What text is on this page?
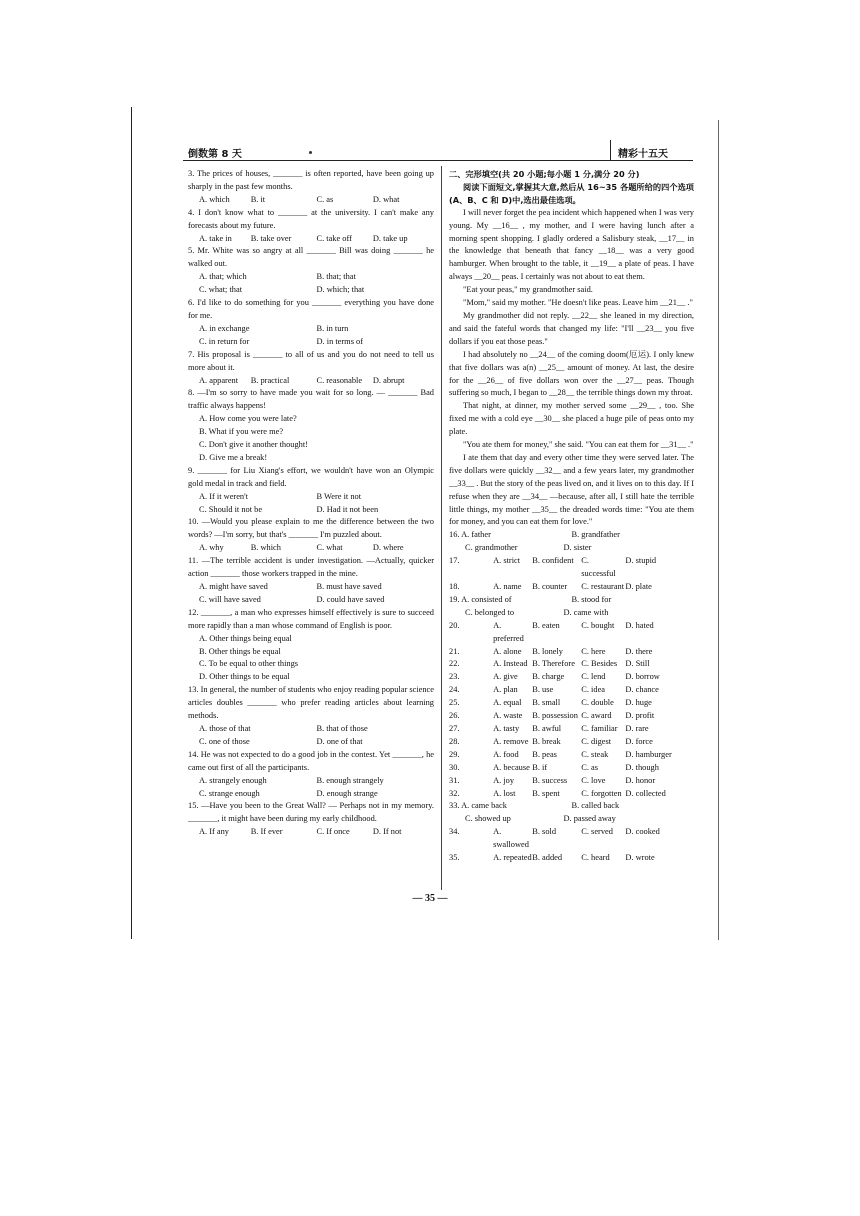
倒数第 8 天	精彩十五天
3. The prices of houses, _______ is often reported, have been going up sharply in the past few months.
A. which	B. it	C. as	D. what
4. I don't know what to _______ at the university. I can't make any forecasts about my future.
A. take in	B. take over	C. take off	D. take up
5. Mr. White was so angry at all _______ Bill was doing _______ he walked out.
A. that; which	B. that; that
C. what; that	D. which; that
6. I'd like to do something for you _______ everything you have done for me.
A. in exchange	B. in turn
C. in return for	D. in terms of
7. His proposal is _______ to all of us and you do not need to tell us more about it.
A. apparent	B. practical	C. reasonable	D. abrupt
8. —I'm so sorry to have made you wait for so long. — _______ Bad traffic always happens!
A. How come you were late?
B. What if you were me?
C. Don't give it another thought!
D. Give me a break!
9. _______ for Liu Xiang's effort, we wouldn't have won an Olympic gold medal in track and field.
A. If it weren't	B Were it not
C. Should it not be	D. Had it not been
10. —Would you please explain to me the difference between the two words? —I'm sorry, but that's _______ I'm puzzled about.
A. why	B. which	C. what	D. where
11. —The terrible accident is under investigation. —Actually, quicker action _______ those workers trapped in the mine.
A. might have saved	B. must have saved
C. will have saved	D. could have saved
12. _______, a man who expresses himself effectively is sure to succeed more rapidly than a man whose command of English is poor.
A. Other things being equal
B. Other things be equal
C. To be equal to other things
D. Other things to be equal
13. In general, the number of students who enjoy reading popular science articles doubles _______ who prefer reading articles about learning methods.
A. those of that	B. that of those
C. one of those	D. one of that
14. He was not expected to do a good job in the contest. Yet _______, he came out first of all the participants.
A. strangely enough	B. enough strangely
C. strange enough	D. enough strange
15. —Have you been to the Great Wall? — Perhaps not in my memory. _______, it might have been during my early childhood.
A. If any	B. If ever	C. If once	D. If not
二、完形填空(共 20 小题;每小题 1 分,满分 20 分)
阅读下面短文,掌握其大意,然后从 16~35 各题所给的四个选项(A、B、C 和 D)中,选出最佳选项。
I will never forget the pea incident which happened when I was very young. My __16__ , my mother, and I were having lunch after a morning spent shopping. I gladly ordered a Salisbury steak, __17__ in the knowledge that beneath that fancy __18__ was a very good hamburger. When brought to the table, it __19__ a plate of peas. I have always __20__ peas. I certainly was not about to eat them.
"Eat your peas," my grandmother said.
"Mom," said my mother. "He doesn't like peas. Leave him __21__ ."
My grandmother did not reply. __22__ she leaned in my direction, and said the fateful words that changed my life: "I'll __23__ you five dollars if you eat those peas."
I had absolutely no __24__ of the coming doom(厄运). I only knew that five dollars was a(n) __25__ amount of money. At last, the desire for the __26__ of five dollars won over the __27__ peas. Though suffering so much, I began to __28__ the terrible things down my throat.
That night, at dinner, my mother served some __29__ , too. She fixed me with a cold eye __30__ she placed a huge pile of peas onto my plate.
"You ate them for money," she said. "You can eat them for __31__ ."
I ate them that day and every other time they were served later. The five dollars were quickly __32__ and a few years later, my grandmother __33__ . But the story of the peas lived on, and it lives on to this day. If I refuse when they are __34__ —because, after all, I still hate the terrible little things, my mother __35__ the dreaded words time: "You ate them for money, and you can eat them for love."
16. A. father	B. grandfather
C. grandmother	D. sister
17.	A. strict	B. confident C. successful
D. stupid
18.	A. name	B. counter	C. restaurant D. plate
19. A. consisted of	B. stood for
C. belonged to	D. came with
20.	A. preferred
B. eaten	C. bought	D. hated
21.	A. alone	B. lonely	C. here	D. there
22.	A. Instead B. Therefore C. Besides D. Still
23.	A. give	B. charge	C. lend	D. borrow
24.	A. plan	B. use	C. idea	D. chance
25.	A. equal	B. small	C. double	D. huge
26.	A. waste	B. possession C. award	D. profit
27.	A. tasty	B. awful	C. familiar D. rare
28.	A. remove B. break	C. digest	D. force
29.	A. food	B. peas	C. steak	D. hamburger
30.	A. because B. if	C. as	D. though
31.	A. joy	B. success	C. love	D. honor
32.	A. lost	B. spent	C. forgotten D. collected
33. A. came back	B. called back
C. showed up	D. passed away
34.	A. swallowed
B. sold	C. served	D. cooked
35.	A. repeated B. added	C. heard	D. wrote
— 35 —
